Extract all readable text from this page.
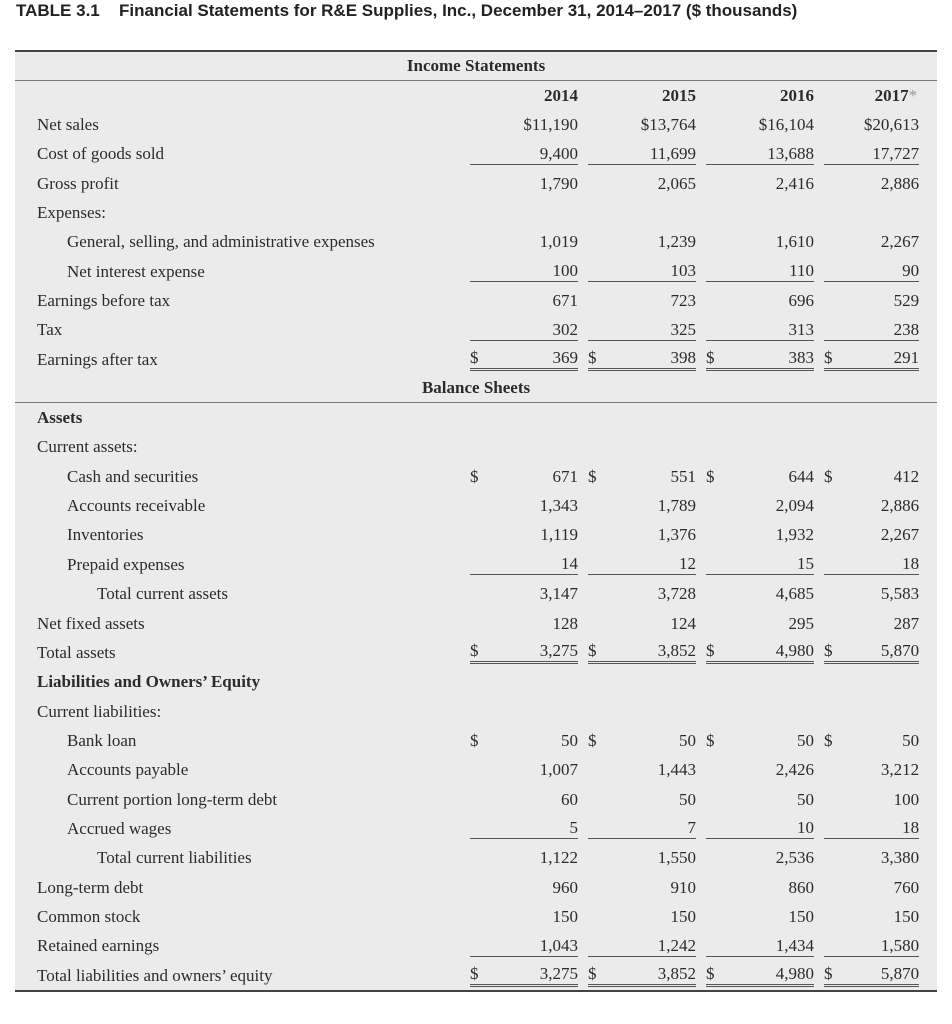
TABLE 3.1 Financial Statements for R&E Supplies, Inc., December 31, 2014–2017 ($ thousands)
Income Statements							
	2014		2015		2016		2017*
Net sales	$11,190		$13,764		$16,104		$20,613
Cost of goods sold	9,400		11,699		13,688		17,727
Gross profit	1,790		2,065		2,416		2,886
Expenses:							
General, selling, and administrative expenses	1,019		1,239		1,610		2,267
Net interest expense	100		103		110		90
Earnings before tax	671		723		696		529
Tax	302		325		313		238
Earnings after tax	$ 369		$ 398		$ 383		$ 291
Balance Sheets							
Assets							
Current assets:							
Cash and securities	$ 671		$ 551		$ 644		$ 412
Accounts receivable	1,343		1,789		2,094		2,886
Inventories	1,119		1,376		1,932		2,267
Prepaid expenses	14		12		15		18
Total current assets	3,147		3,728		4,685		5,583
Net fixed assets	128		124		295		287
Total assets	$ 3,275		$ 3,852		$ 4,980		$ 5,870
Liabilities and Owners’ Equity							
Current liabilities:							
Bank loan	$ 50		$ 50		$ 50		$ 50
Accounts payable	1,007		1,443		2,426		3,212
Current portion long-term debt	60		50		50		100
Accrued wages	5		7		10		18
Total current liabilities	1,122		1,550		2,536		3,380
Long-term debt	960		910		860		760
Common stock	150		150		150		150
Retained earnings	1,043		1,242		1,434		1,580
Total liabilities and owners’ equity	$ 3,275		$ 3,852		$ 4,980		$ 5,870
